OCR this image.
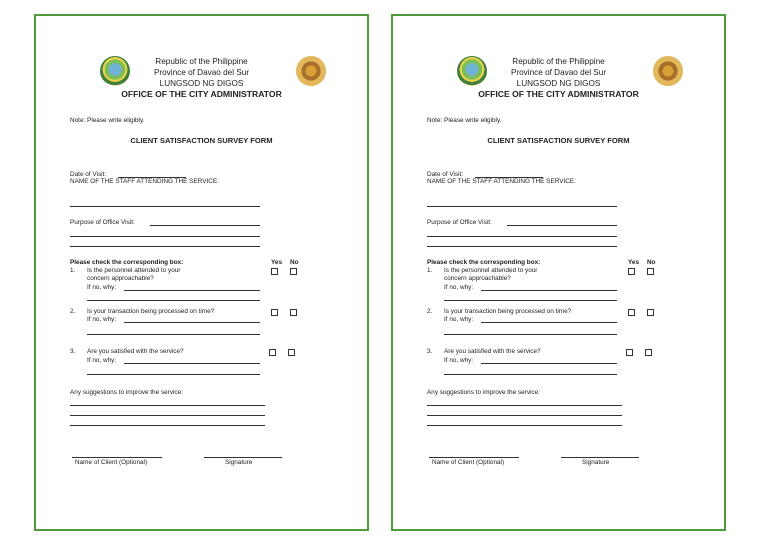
Republic of the Philippine
Province of Davao del Sur
LUNGSOD NG DIGOS
OFFICE OF THE CITY ADMINISTRATOR
Note: Please write eligibly.
CLIENT SATISFACTION SURVEY FORM
Date of Visit:
NAME OF THE STAFF ATTENDING THE SERVICE:
Purpose of Office Visit:
Please check the corresponding box:	Yes No
1. Is the personnel attended to your
concern approachable?
If no, why:
2. Is your transaction being processed on time?
If no, why:
3. Are you satisfied with the service?
If no, why:
Any suggestions to improve the service:
Name of Client (Optional)	Signature
Republic of the Philippine
Province of Davao del Sur
LUNGSOD NG DIGOS
OFFICE OF THE CITY ADMINISTRATOR
Note: Please write eligibly.
CLIENT SATISFACTION SURVEY FORM
Date of Visit:
NAME OF THE STAFF ATTENDING THE SERVICE:
Purpose of Office Visit:
Please check the corresponding box:	Yes No
1. Is the personnel attended to your
concern approachable?
If no, why:
2. Is your transaction being processed on time?
If no, why:
3. Are you satisfied with the service?
If no, why:
Any suggestions to improve the service:
Name of Client (Optional)	Signature
